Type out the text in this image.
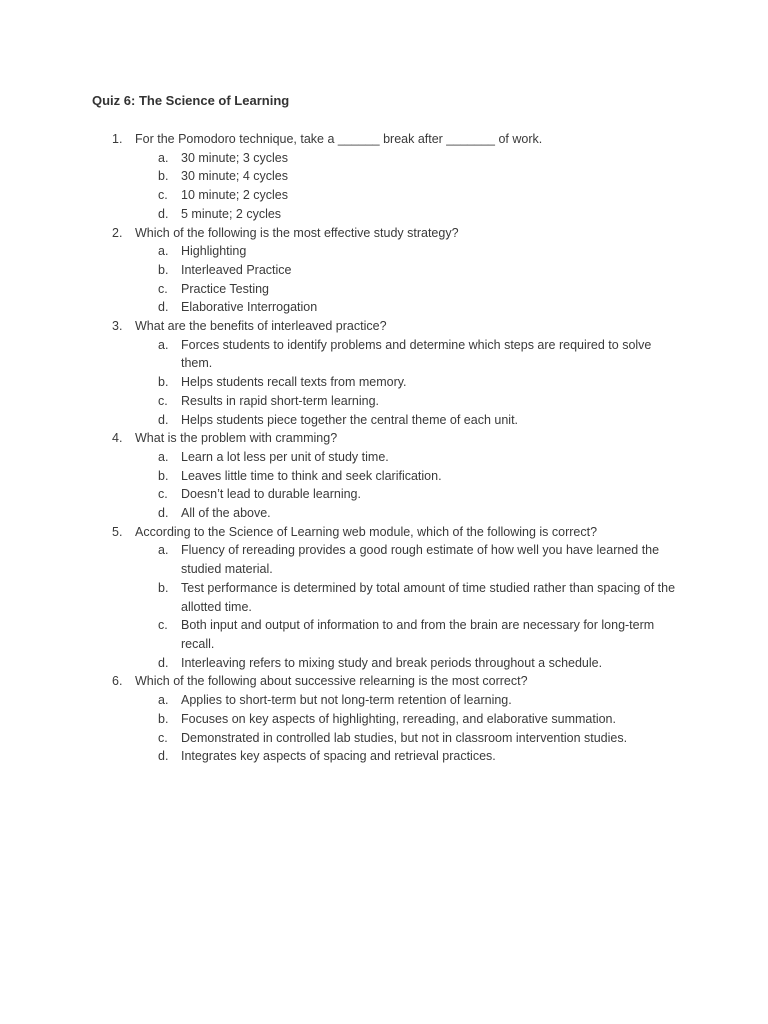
Quiz 6: The Science of Learning
1.	For the Pomodoro technique, take a ______ break after _______ of work.
a. 30 minute; 3 cycles
b. 30 minute; 4 cycles
c. 10 minute; 2 cycles
d. 5 minute; 2 cycles
2.	Which of the following is the most effective study strategy?
a. Highlighting
b. Interleaved Practice
c. Practice Testing
d. Elaborative Interrogation
3.	What are the benefits of interleaved practice?
a. Forces students to identify problems and determine which steps are required to solve them.
b. Helps students recall texts from memory.
c. Results in rapid short-term learning.
d. Helps students piece together the central theme of each unit.
4.	What is the problem with cramming?
a. Learn a lot less per unit of study time.
b. Leaves little time to think and seek clarification.
c. Doesn’t lead to durable learning.
d. All of the above.
5.	According to the Science of Learning web module, which of the following is correct?
a. Fluency of rereading provides a good rough estimate of how well you have learned the studied material.
b. Test performance is determined by total amount of time studied rather than spacing of the allotted time.
c. Both input and output of information to and from the brain are necessary for long-term recall.
d. Interleaving refers to mixing study and break periods throughout a schedule.
6.	Which of the following about successive relearning is the most correct?
a. Applies to short-term but not long-term retention of learning.
b. Focuses on key aspects of highlighting, rereading, and elaborative summation.
c. Demonstrated in controlled lab studies, but not in classroom intervention studies.
d. Integrates key aspects of spacing and retrieval practices.
